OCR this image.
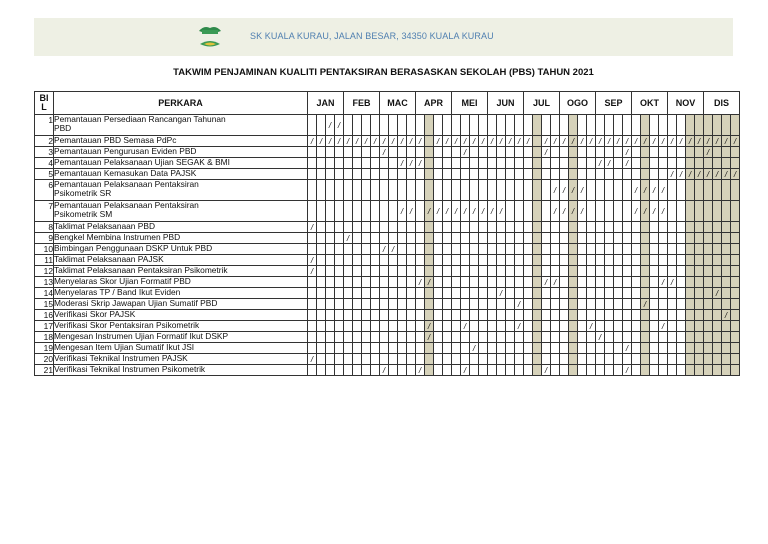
SK KUALA KURAU, JALAN BESAR, 34350 KUALA KURAU
TAKWIM PENJAMINAN KUALITI PENTAKSIRAN BERASASKAN SEKOLAH (PBS) TAHUN 2021
BIL	PERKARA	JAN				FEB				MAC				APR				MEI				JUN				JUL				OGO				SEP				OKT				NOV				DIS			
1	Pemantauan Persediaan Rancangan Tahunan
PBD			/	/																																												
2	Pemantauan PBD Semasa PdPc	/	/	/	/	/	/	/	/	/	/	/	/	/		/	/	/	/	/	/	/	/	/	/	/		/	/	/	/	/	/	/	/	/	/	/	/	/	/	/	/	/	/	/	/	/	/
3	Pemantauan Pengurusan Eviden PBD									/									/									/									/									/			
4	Pemantauan Pelaksanaan Ujian SEGAK & BMI											/	/	/																				/	/		/												
5	Pemantauan Kemasukan Data PAJSK																																									/	/	/	/	/	/	/	/
6	Pemantauan Pelaksanaan Pentaksiran
Psikometrik SR																												/	/	/	/						/	/	/	/								
7	Pemantauan Pelaksanaan Pentaksiran
Psikometrik SM											/	/		/	/	/	/	/	/	/	/	/						/	/	/	/						/	/	/	/								
8	Taklimat Pelaksanaan PBD	/																																															
9	Bengkel Membina Instrumen PBD					/																																											
10	Bimbingan Penggunaan DSKP Untuk PBD									/	/																																						
11	Taklimat Pelaksanaan PAJSK	/																																															
12	Taklimat Pelaksanaan Pentaksiran Psikometrik	/																																															
13	Menyelaras Skor Ujian Formatif PBD													/	/													/	/												/	/							
14	Menyelaras TP / Band Ikut Eviden																						/																								/		
15	Moderasi Skrip Jawapan Ujian Sumatif PBD																								/														/										
16	Verifikasi Skor PAJSK																																															/	
17	Verifikasi Skor Pentaksiran Psikometrik														/				/						/								/								/								
18	Mengesan Instrumen Ujian Formatif Ikut DSKP														/																			/															
19	Mengesan Item Ujian Sumatif Ikut JSI																			/																	/												
20	Verifikasi Teknikal Instrumen PAJSK	/																																															
21	Verifikasi Teknikal Instrumen Psikometrik									/				/					/									/									/												
